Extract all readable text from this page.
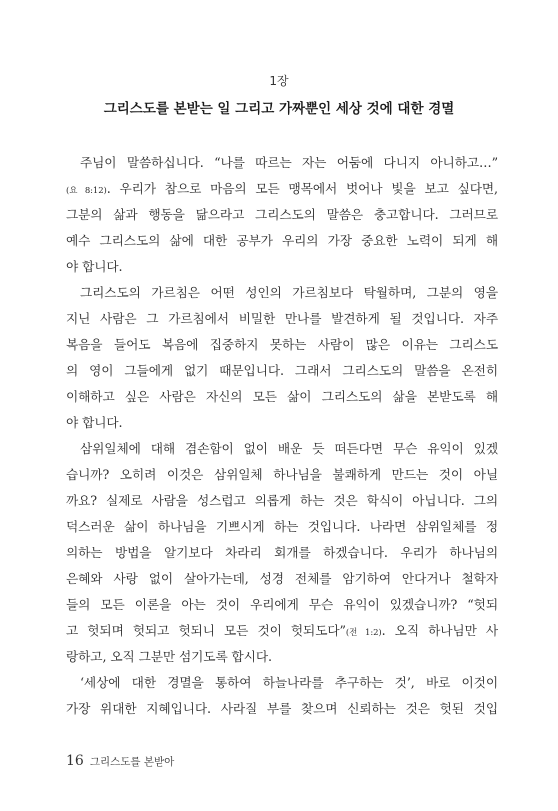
1장
그리스도를 본받는 일 그리고 가짜뿐인 세상 것에 대한 경멸
주님이 말씀하십니다. “나를 따르는 자는 어둠에 다니지 아니하고…”
(요 8:12). 우리가 참으로 마음의 모든 맹목에서 벗어나 빛을 보고 싶다면,
그분의 삶과 행동을 닮으라고 그리스도의 말씀은 충고합니다. 그러므로
예수 그리스도의 삶에 대한 공부가 우리의 가장 중요한 노력이 되게 해
야 합니다.
그리스도의 가르침은 어떤 성인의 가르침보다 탁월하며, 그분의 영을
지닌 사람은 그 가르침에서 비밀한 만나를 발견하게 될 것입니다. 자주
복음을 들어도 복음에 집중하지 못하는 사람이 많은 이유는 그리스도
의 영이 그들에게 없기 때문입니다. 그래서 그리스도의 말씀을 온전히
이해하고 싶은 사람은 자신의 모든 삶이 그리스도의 삶을 본받도록 해
야 합니다.
삼위일체에 대해 겸손함이 없이 배운 듯 떠든다면 무슨 유익이 있겠
습니까? 오히려 이것은 삼위일체 하나님을 불쾌하게 만드는 것이 아닐
까요? 실제로 사람을 성스럽고 의롭게 하는 것은 학식이 아닙니다. 그의
덕스러운 삶이 하나님을 기쁘시게 하는 것입니다. 나라면 삼위일체를 정
의하는 방법을 알기보다 차라리 회개를 하겠습니다. 우리가 하나님의
은혜와 사랑 없이 살아가는데, 성경 전체를 암기하여 안다거나 철학자
들의 모든 이론을 아는 것이 우리에게 무슨 유익이 있겠습니까? “헛되
고 헛되며 헛되고 헛되니 모든 것이 헛되도다”(전 1:2). 오직 하나님만 사
랑하고, 오직 그분만 섬기도록 합시다.
‘세상에 대한 경멸을 통하여 하늘나라를 추구하는 것’, 바로 이것이
가장 위대한 지혜입니다. 사라질 부를 찾으며 신뢰하는 것은 헛된 것입
16 그리스도를 본받아
